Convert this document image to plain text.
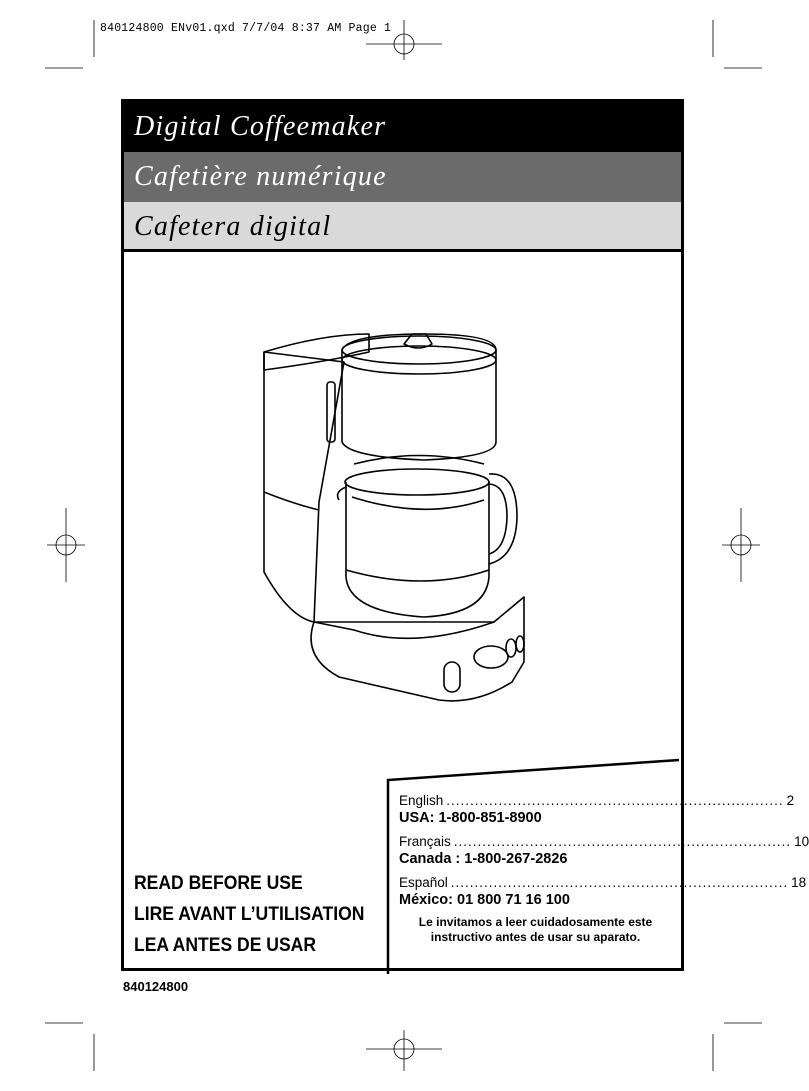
840124800 ENv01.qxd 7/7/04 8:37 AM Page 1
Digital Coffeemaker
Cafetière numérique
Cafetera digital
READ BEFORE USE
LIRE AVANT L’UTILISATION
LEA ANTES DE USAR
English ....................................................................... 2
USA: 1-800-851-8900
Français ....................................................................... 10
Canada : 1-800-267-2826
Español ....................................................................... 18
México: 01 800 71 16 100
Le invitamos a leer cuidadosamente este instructivo antes de usar su aparato.
840124800
